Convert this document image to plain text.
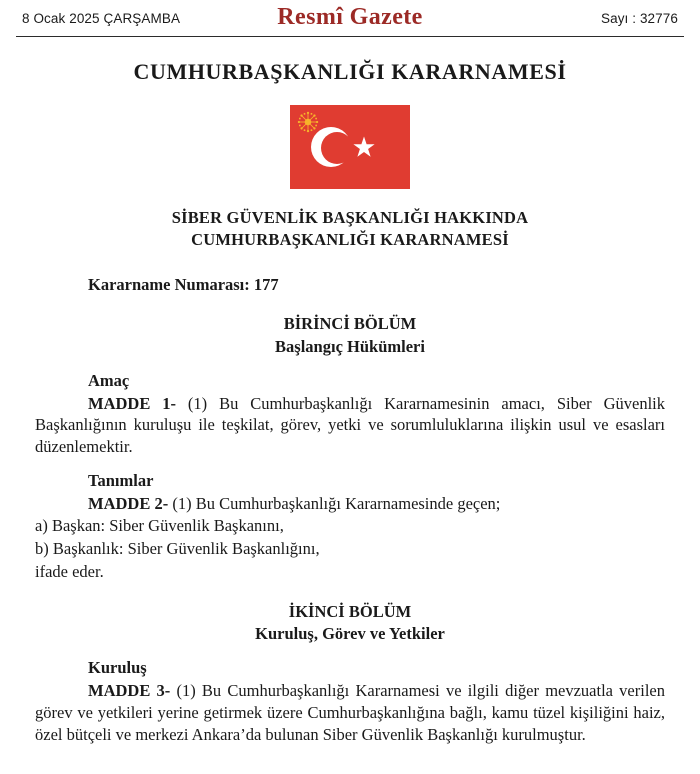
8 Ocak 2025 ÇARŞAMBA	Resmî Gazete	Sayı : 32776
CUMHURBAŞKANLIĞI KARARNAMESİ
SİBER GÜVENLİK BAŞKANLIĞI HAKKINDA
CUMHURBAŞKANLIĞI KARARNAMESİ
Kararname Numarası: 177
BİRİNCİ BÖLÜM
Başlangıç Hükümleri
Amaç
MADDE 1- (1) Bu Cumhurbaşkanlığı Kararnamesinin amacı, Siber Güvenlik Başkanlığının kuruluşu ile teşkilat, görev, yetki ve sorumluluklarına ilişkin usul ve esasları düzenlemektir.
Tanımlar
MADDE 2- (1) Bu Cumhurbaşkanlığı Kararnamesinde geçen;
a) Başkan: Siber Güvenlik Başkanını,
b) Başkanlık: Siber Güvenlik Başkanlığını,
ifade eder.
İKİNCİ BÖLÜM
Kuruluş, Görev ve Yetkiler
Kuruluş
MADDE 3- (1) Bu Cumhurbaşkanlığı Kararnamesi ve ilgili diğer mevzuatla verilen görev ve yetkileri yerine getirmek üzere Cumhurbaşkanlığına bağlı, kamu tüzel kişiliğini haiz, özel bütçeli ve merkezi Ankara’da bulunan Siber Güvenlik Başkanlığı kurulmuştur.
